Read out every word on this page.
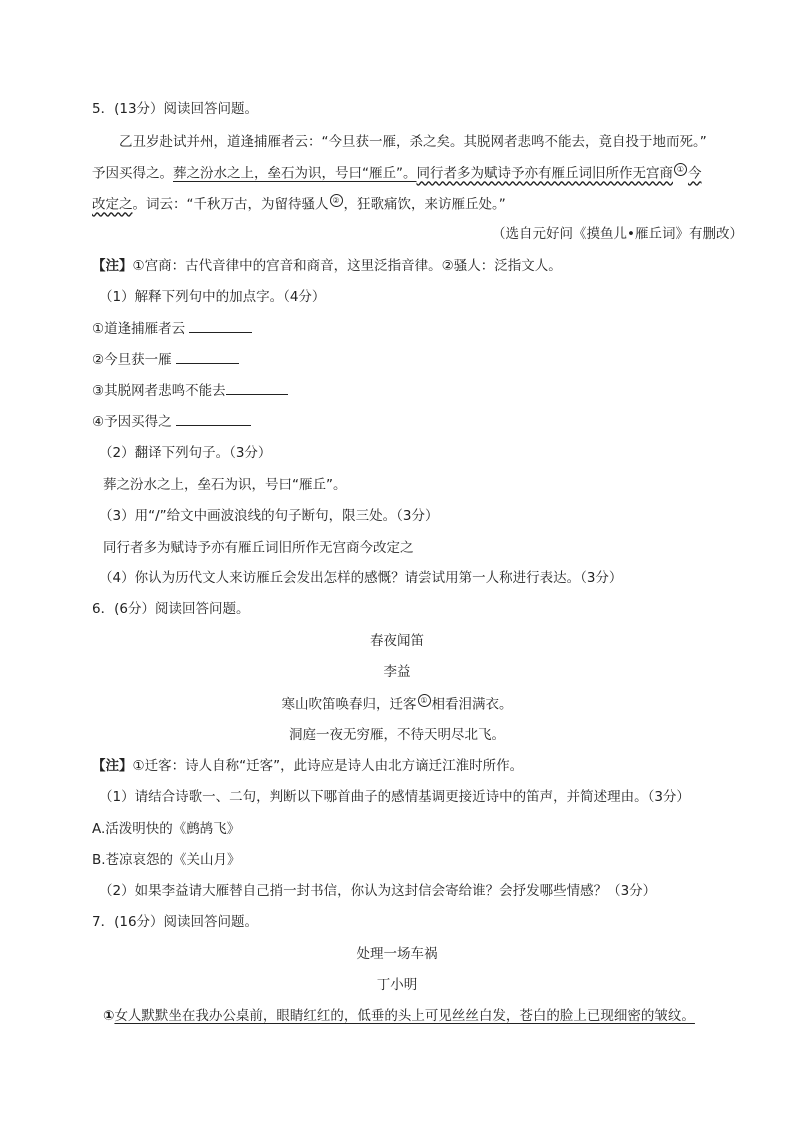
5．(13分）阅读回答问题。
乙丑岁赴试并州，道逢捕雁者云：“今旦获一雁，杀之矣。其脱网者悲鸣不能去，竟自投于地而死。”
予因买得之。葬之汾水之上，垒石为识，号曰“雁丘”。同行者多为赋诗予亦有雁丘词旧所作无宫商 ① 今
改定之。词云：“千秋万古，为留待骚人 ② ，狂歌痛饮，来访雁丘处。”
（选自元好问《摸鱼儿•雁丘词》有删改）
【注】①宫商：古代音律中的宫音和商音，这里泛指音律。②骚人：泛指文人。
（1）解释下列句中的加点字。（4分）
①道逢捕雁者云
②今旦获一雁
③其脱网者悲鸣不能去
④予因买得之
（2）翻译下列句子。（3分）
葬之汾水之上，垒石为识，号曰“雁丘”。
（3）用“/”给文中画波浪线的句子断句，限三处。（3分）
同行者多为赋诗予亦有雁丘词旧所作无宫商今改定之
（4）你认为历代文人来访雁丘会发出怎样的感慨？请尝试用第一人称进行表达。（3分）
6．(6分）阅读回答问题。
春夜闻笛
李益
寒山吹笛唤春归，迁客 ① 相看泪满衣。
洞庭一夜无穷雁，不待天明尽北飞。
【注】①迁客：诗人自称“迁客”，此诗应是诗人由北方谪迁江淮时所作。
（1）请结合诗歌一、二句，判断以下哪首曲子的感情基调更接近诗中的笛声，并简述理由。（3分）
A.活泼明快的《鹧鸪飞》
B.苍凉哀怨的《关山月》
（2）如果李益请大雁替自己捎一封书信，你认为这封信会寄给谁？会抒发哪些情感？（3分）
7．(16分）阅读回答问题。
处理一场车祸
丁小明
①女人默默坐在我办公桌前，眼睛红红的，低垂的头上可见丝丝白发，苍白的脸上已现细密的皱纹。
